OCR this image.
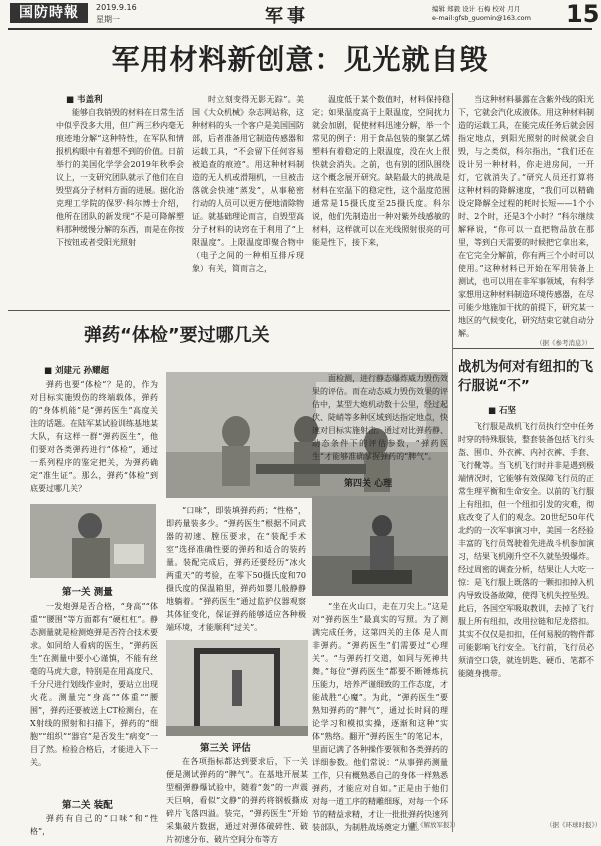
国防時報	2019.9.16
星期一	军事	编辑 郑毅 设计 石梅 校对 月月
e-mail:gfsb_guomin@163.com 15
军用材料新创意：见光就自毁
■ 韦盖利
能够自我销毁的材料在日常生活中似乎没多大用，但广两三秒内毫无痕迹地分解“这种特性，在军队和情报机构眼中有着想不到的价值。日前举行的美国化学学会2019年秋季会议上，一支研究团队就示了他们在自毁型高分子材料方面的进展。据化治克理工学院的保罗·科尔博士介绍，他所在团队的新发现“不是可降解塑料那种缓慢分解的东西，而是在你按下按钮或者受阳光照射
时立刻变得无影无踪”。美国《大众机械》杂志网站称，这种材料的头一个客户是美国国防部，后者准备用它制造传感器和运载工具，“不会留下任何容易被追查的痕迹”。用这种材料制造的无人机或滑翔机，一旦被击落就会快速“蒸发”，从事秘密行动的人员可以更方便地清除物证。就基础理论而言，自毁型高分子材料的诀窍在于利用了“上限温度”。上限温度即聚合物中（电子之间的一种相互排斥现象）有关，简而言之，
温度低于某个数值时，材料保持稳定；如果温度高于上限温度，空间扰力就会加剧，促使材料迅速分解，举一个常见的例子：用于食品包装的聚氯乙烯塑料有着稳定的上限温度，没在火上很快就会消失。之前，也有别的团队围绕这个概念展开研究。缺陷最大的挑战是材料在室温下的稳定性，这个温度范围通常是15摄氏度至25摄氏度。科尔说，他们先制造出一种对紫外线感敏的材料，这样就可以在光线照射很亮的可能是性下，接下来，
当这种材料暴露在含紫外线的阳光下，它就会汽化成液体。用这种材料制造的运载工具，在能完成任务后就会因指定地点，到阳光照射的时候就会自毁，与之类似，科尔指出，“我们还在设计另一种材料，你走进房间，一开灯，它就消失了。”研究人员还打算将这种材料的降解速度，“我们可以精确设定降解全过程的耗时长短——1个小时、2个时，还是3个小时？”科尔继续解释说，“你可以一直把物品放在那里，等到白天需要的时候把它拿出来，在它完全分解前，你有两三个小时可以使用。”这种材料已开始在军用装备上测试，也可以用在非军事领域，有科学家想用这种材料制造环境传感器，在尽可能少地施加干扰的前提下，研究某一地区的气候变化，研究结束它就自动分解。
（据《参考消息》）
弹药“体检”要过哪几关
■ 刘建元 孙耀超
弹药也要“体检”？是的，作为对目标实施毁伤的终端载体，弹药的“身体机能”是“弹药医生”高度关注的话题。在陆军某试验训练基地某大队，有这样一群“弹药医生”，他们要对各类弹药进行“体检”，通过一系列程序的鉴定把关，为弹药确定“准生证”。那么，弹药“体检”到底要过哪几关？
第一关 测量
一发炮弹是否合格，“身高”“体重”“腰围”等方面都有“硬杠杠”。静态测量就是检测炮弹是否符合技术要求。如同给人看病的医生，“弹药医生”在测量中要小心谨慎，不能有丝毫的马虎大意，特别是在用高度尺、千分尺进行划线作业时，要站立出现火花。测量完“身高”“体重”“腰围”，弹药还要被送上CT检测台，在X射线的照射和扫描下，弹药的“细胞”“组织”“器官”是否发生“病变”一目了然。检验合格后，才能进入下一关。
第二关 装配
弹药有自己的“口味”和“性格”，
“口味”，即装填弹药药；“性格”，即药量装多少。“弹药医生”根据不同武器的初速、膛压要求，在“装配手术室”选择准确性要的弹药和适合的装药量。装配完成后，弹药还要经历“冰火两重天”的考验，在零下50摄氏度和70摄氏度的保温箱里，弹药如婴儿般静静地躺着。“弹药医生”通过监护仪器观察其体征变化，保证弹药能够适应各种极端环境，才能顺利“过关”。
第三关 评估
在各项指标都达到要求后，下一关便是测试弹药的“脾气”。在基地开展某型榴弹静爆试验中，随着“轰”的一声震天巨响，看似“文静”的弹药将钢板撕成碎片飞落四溢。装完，“弹药医生”开始采集破片数据，通过对弹体破碎性、破片初速分布、破片空间分布等方
面检测，进行静态爆炸威力毁伤效果的评估。而在动态威力毁伤效果的评估中，某型大炮机动数十公里，经过起伏、陡峭等多种区域到达指定地点，快速对目标实施射击。通过对比弹药静、动态条件下的评估参数，“弹药医生”才能够准确掌握弹药的“脾气”。
第四关 心理
“坐在火山口，走在刀尖上。”这是对“弹药医生”最真实的写照。为了测满完成任务，这第四关的主体 是人而非弹药。“弹药医生”们需要过“心理关”。“与弹药打交道，如同与死神共舞。”每位“弹药医生”都要不断锤炼抗压能力，培养严谨细致的工作态度，才能战胜“心魔”。为此，“弹药医生”要熟知弹药的“脾气”，通过长时间的理论学习和模拟实操，逐渐和这种“实体”熟络。翻开“弹药医生”的笔记本，里面记满了各种操作要领和各类弹药的详细参数。他们常说：“从事弹药测量工作，只有概熟悉自己的身体一样熟悉弹药，才能应对自如。”正是由于他们对每一道工序的精雕细琢，对每一个环节的精益求精，才让一批批弹药快速列装部队，为制胜战场奠定力量。
（据《解放军报》）
战机为何对有纽扣的飞行服说“不”
■ 石坚
飞行服是战机飞行员执行空中任务时穿的特殊服装，整套装备包括飞行头盔、围巾、外衣裤、内衬衣裤、手套、飞行靴等。当飞机飞行时并非是遇到极端情况时，它能够有效保障飞行员的正常生理平衡和生命安全。以前的飞行服上有纽扣，但一个纽扣引发的灾难，彻底改变了人们的观念。20世纪50年代北约的一次军事演习中，美国一名经验丰富的飞行员驾驶着先进战斗机参加演习，结果飞机刚升空不久就坠毁爆炸。经过周密的调查分析，结果让人大吃一惊：是飞行服上既落的一颗扣扣掉入机内导致设备故障，使得飞机失控坠毁。此后，各国空军吸取教训，去掉了飞行服上所有纽扣，改用拉链和尼龙搭扣。其实不仅仅是扣扣，任何易脱的物件都可能影响飞行安全。飞行前，飞行员必须清空口袋，就连钥匙、硬币、笔都不能随身携带。
（据《环球时报》）
